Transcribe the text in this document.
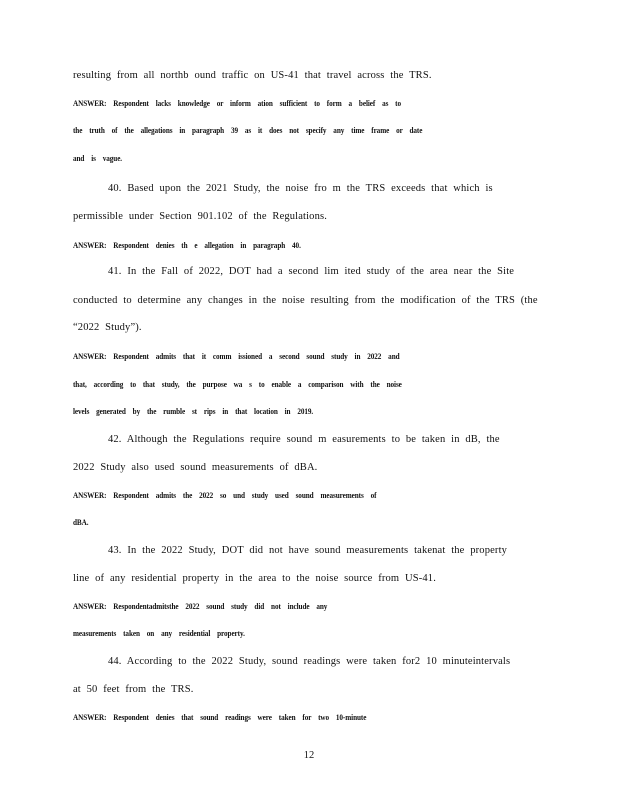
resulting from all northb ound traffic on US-41 that travel across the TRS.
ANSWER: Respondent lacks knowledge or inform ation sufficient to form a belief as to
the truth of the allegations in paragraph 39 as it does not specify any time frame or date
and is vague.
40. Based upon the 2021 Study, the noise fro m the TRS exceeds that which is
permissible under Section 901.102 of the Regulations.
ANSWER: Respondent denies th e allegation in paragraph 40.
41. In the Fall of 2022, DOT had a second lim ited study of the area near the Site
conducted to determine any changes in the noise resulting from the modification of the TRS (the
“2022 Study”).
ANSWER: Respondent admits that it comm issioned a second sound study in 2022 and
that, according to that study, the purpose wa s to enable a comparison with the noise
levels generated by the rumble st rips in that location in 2019.
42. Although the Regulations require sound m easurements to be taken in dB, the
2022 Study also used sound measurements of dBA.
ANSWER: Respondent admits the 2022 so und study used sound measurements of
dBA.
43. In the 2022 Study, DOT did not have sound measurements takenat the property
line of any residential property in the area to the noise source from US-41.
ANSWER: Respondentadmitsthe 2022 sound study did not include any
measurements taken on any residential property.
44. According to the 2022 Study, sound readings were taken for2 10 minuteintervals
at 50 feet from the TRS.
ANSWER: Respondent denies that sound readings were taken for two 10-minute
12
